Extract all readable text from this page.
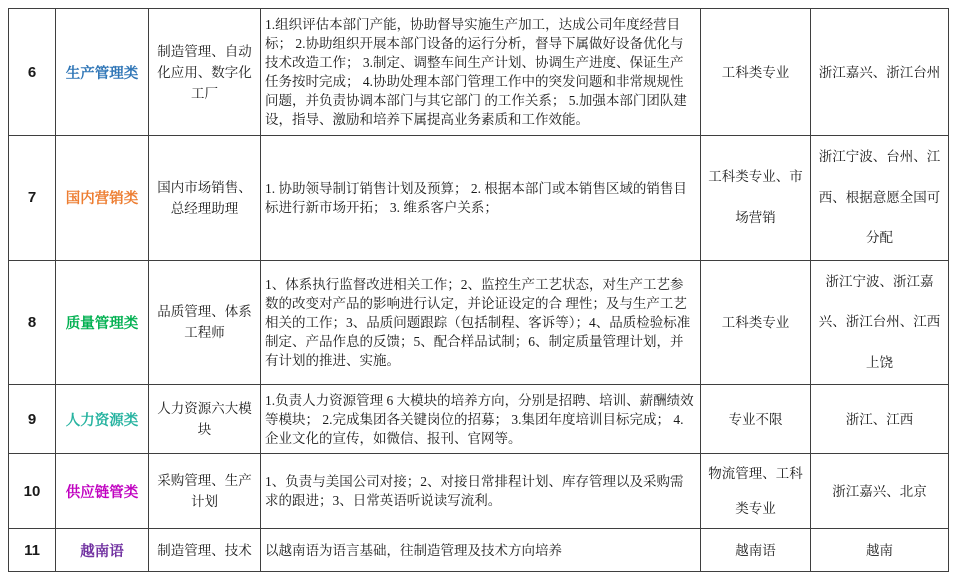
6	生产管理类	制造管理、自动化应用、数字化工厂	1.组织评估本部门产能，协助督导实施生产加工，达成公司年度经营目标； 2.协助组织开展本部门设备的运行分析，督导下属做好设备优化与技术改造工作； 3.制定、调整车间生产计划、协调生产进度、保证生产任务按时完成； 4.协助处理本部门管理工作中的突发问题和非常规规性问题，并负责协调本部门与其它部门 的工作关系； 5.加强本部门团队建设，指导、激励和培养下属提高业务素质和工作效能。	工科类专业	浙江嘉兴、浙江台州
7	国内营销类	国内市场销售、总经理助理	1. 协助领导制订销售计划及预算； 2. 根据本部门或本销售区域的销售目标进行新市场开拓； 3. 维系客户关系；	工科类专业、市场营销	浙江宁波、台州、江西、根据意愿全国可分配
8	质量管理类	品质管理、体系工程师	1、体系执行监督改进相关工作；2、监控生产工艺状态，对生产工艺参数的改变对产品的影响进行认定，并论证设定的合 理性；及与生产工艺相关的工作；3、品质问题跟踪（包括制程、客诉等）；4、品质检验标准制定、产品作息的反馈；5、配合样品试制；6、制定质量管理计划，并有计划的推进、实施。	工科类专业	浙江宁波、浙江嘉兴、浙江台州、江西上饶
9	人力资源类	人力资源六大模块	1.负责人力资源管理 6 大模块的培养方向，分别是招聘、培训、薪酬绩效等模块； 2.完成集团各关键岗位的招募； 3.集团年度培训目标完成； 4.企业文化的宣传，如微信、报刊、官网等。	专业不限	浙江、江西
10	供应链管类	采购管理、生产计划	1、负责与美国公司对接；2、对接日常排程计划、库存管理以及采购需求的跟进；3、日常英语听说读写流利。	物流管理、工科类专业	浙江嘉兴、北京
11	越南语	制造管理、技术	以越南语为语言基础，往制造管理及技术方向培养	越南语	越南
